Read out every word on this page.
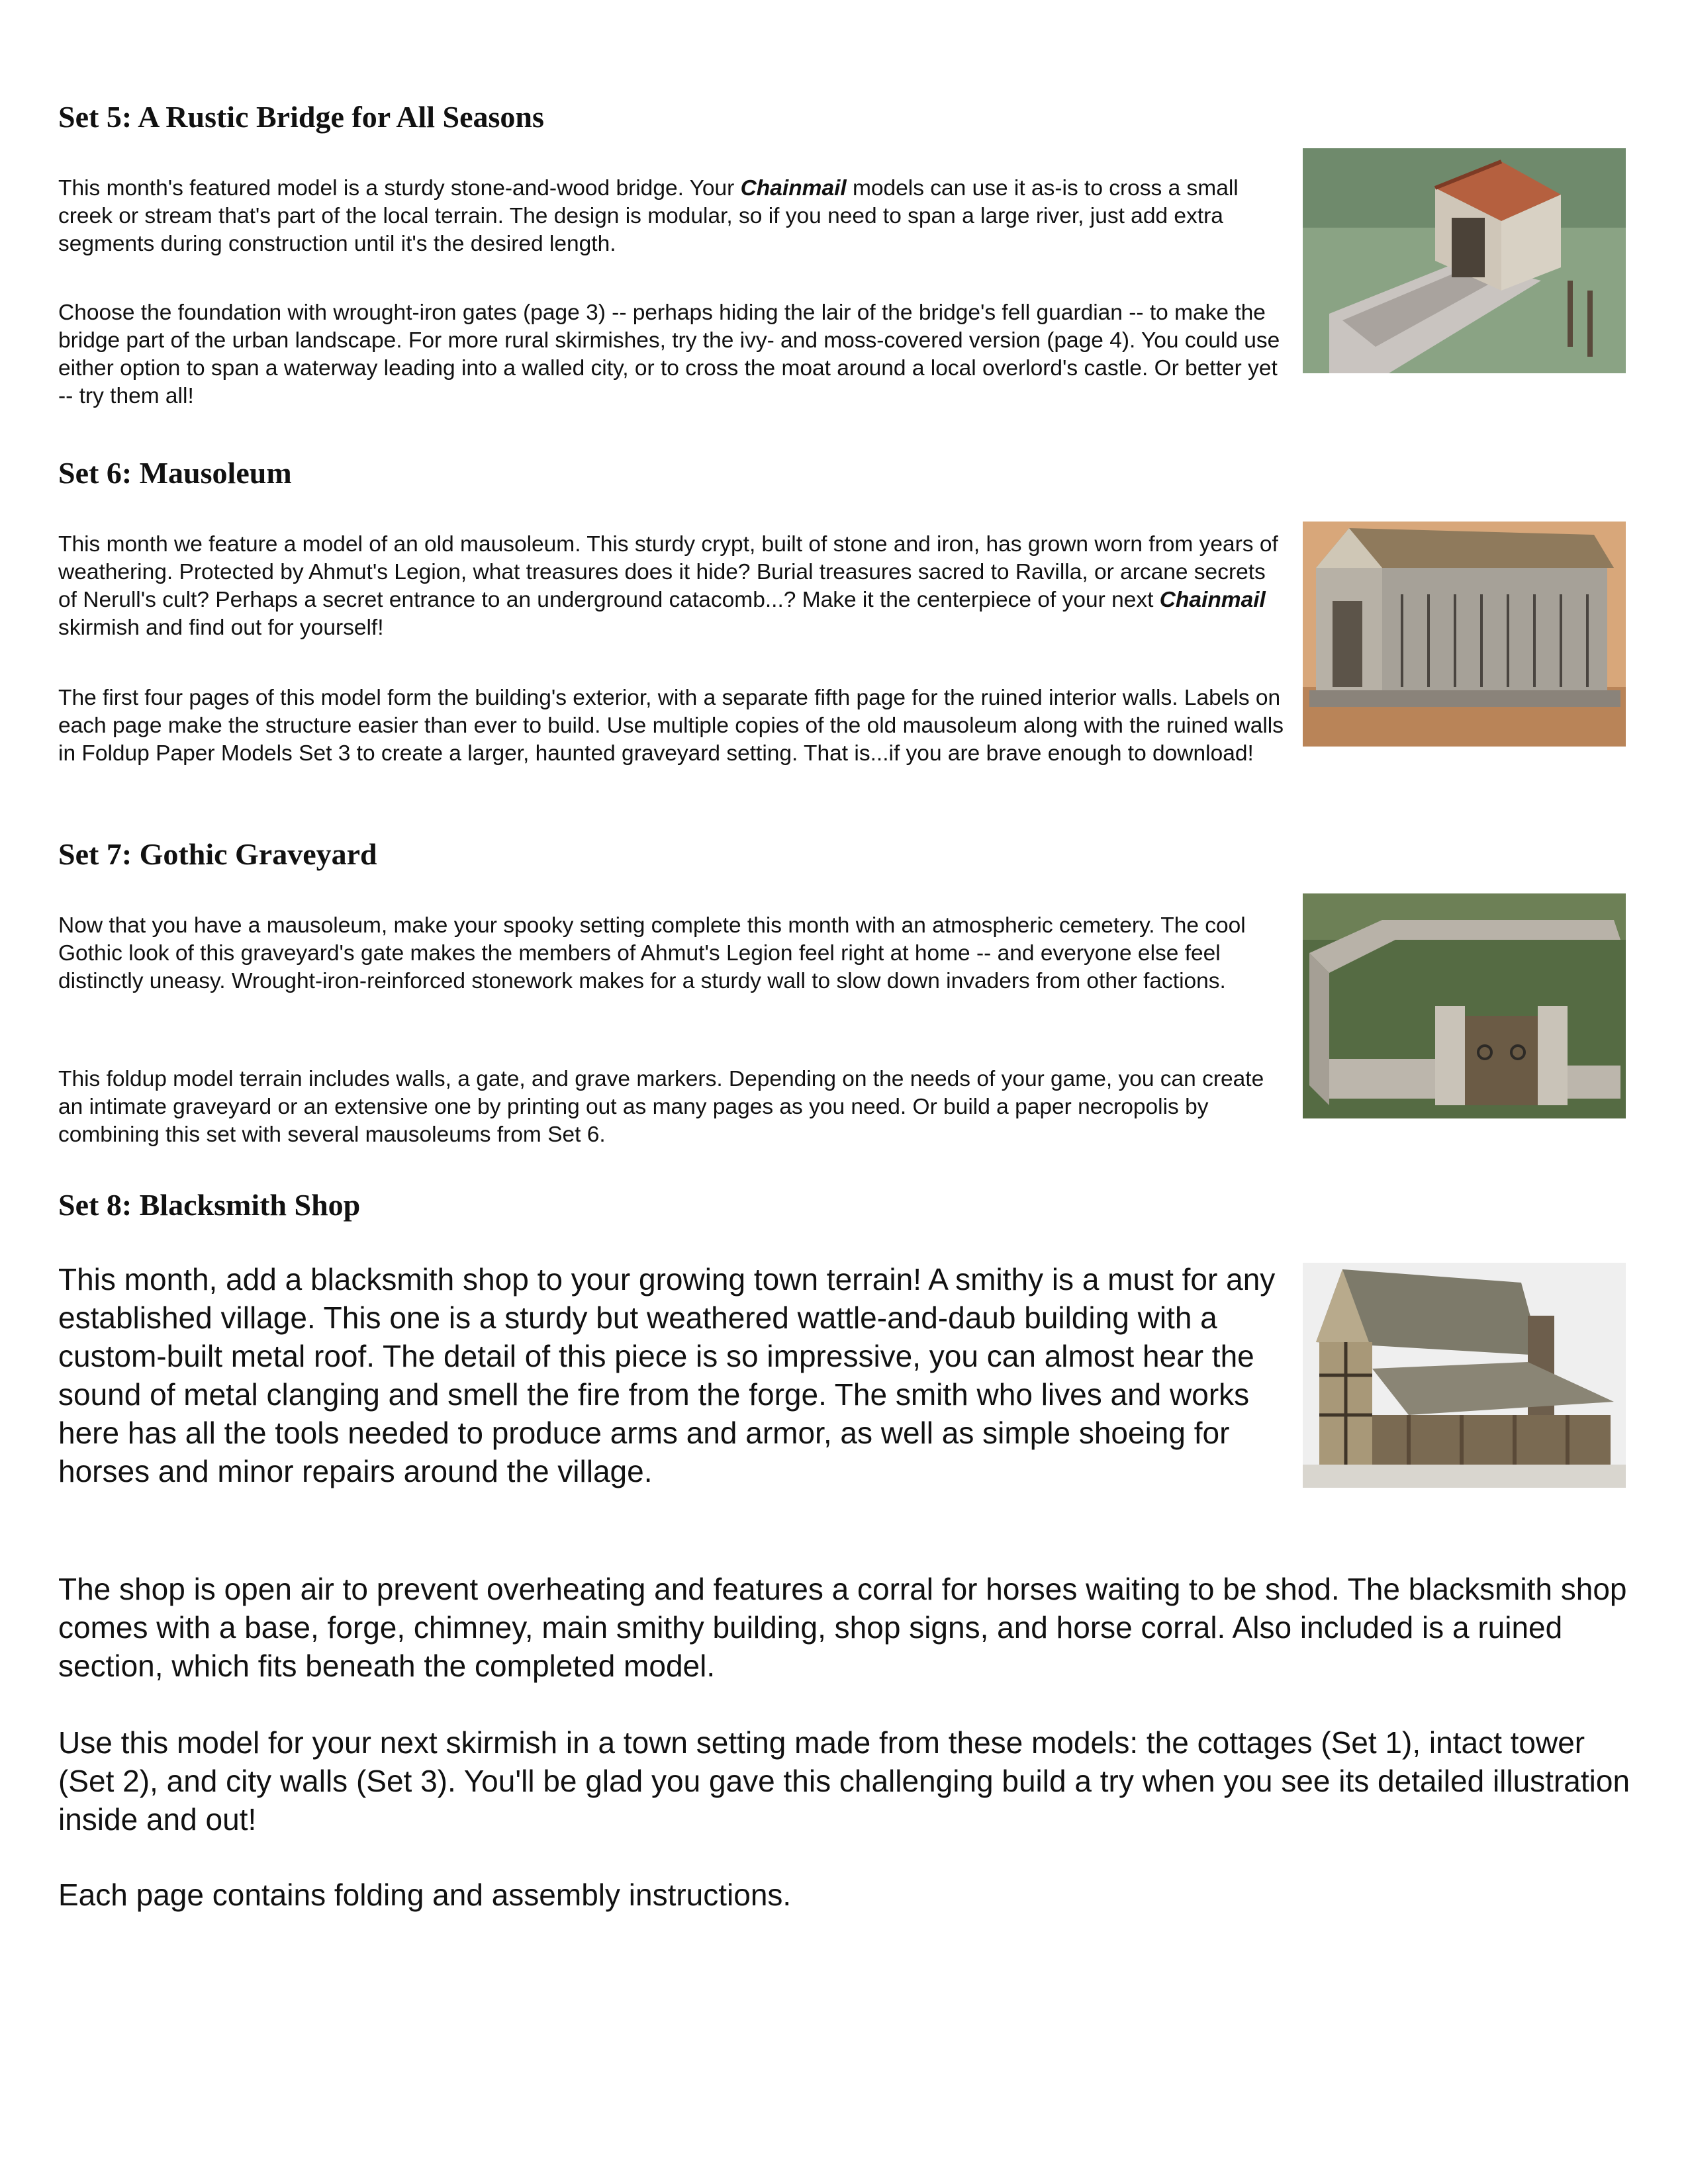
Set 5: A Rustic Bridge for All Seasons

This month's featured model is a sturdy stone-and-wood bridge. Your Chainmail models can use it as-is to cross a small creek or stream that's part of the local terrain. The design is modular, so if you need to span a large river, just add extra segments during construction until it's the desired length.

Choose the foundation with wrought-iron gates (page 3) -- perhaps hiding the lair of the bridge's fell guardian -- to make the bridge part of the urban landscape. For more rural skirmishes, try the ivy- and moss-covered version (page 4). You could use either option to span a waterway leading into a walled city, or to cross the moat around a local overlord's castle. Or better yet -- try them all!

Set 6: Mausoleum

This month we feature a model of an old mausoleum. This sturdy crypt, built of stone and iron, has grown worn from years of weathering. Protected by Ahmut's Legion, what treasures does it hide? Burial treasures sacred to Ravilla, or arcane secrets of Nerull's cult? Perhaps a secret entrance to an underground catacomb...? Make it the centerpiece of your next Chainmail skirmish and find out for yourself!

The first four pages of this model form the building's exterior, with a separate fifth page for the ruined interior walls. Labels on each page make the structure easier than ever to build. Use multiple copies of the old mausoleum along with the ruined walls in Foldup Paper Models Set 3 to create a larger, haunted graveyard setting. That is...if you are brave enough to download!

Set 7: Gothic Graveyard

Now that you have a mausoleum, make your spooky setting complete this month with an atmospheric cemetery. The cool Gothic look of this graveyard's gate makes the members of Ahmut's Legion feel right at home -- and everyone else feel distinctly uneasy. Wrought-iron-reinforced stonework makes for a sturdy wall to slow down invaders from other factions.

This foldup model terrain includes walls, a gate, and grave markers. Depending on the needs of your game, you can create an intimate graveyard or an extensive one by printing out as many pages as you need. Or build a paper necropolis by combining this set with several mausoleums from Set 6.

Set 8: Blacksmith Shop

This month, add a blacksmith shop to your growing town terrain! A smithy is a must for any established village. This one is a sturdy but weathered wattle-and-daub building with a custom-built metal roof. The detail of this piece is so impressive, you can almost hear the sound of metal clanging and smell the fire from the forge. The smith who lives and works here has all the tools needed to produce arms and armor, as well as simple shoeing for horses and minor repairs around the village.

The shop is open air to prevent overheating and features a corral for horses waiting to be shod. The blacksmith shop comes with a base, forge, chimney, main smithy building, shop signs, and horse corral. Also included is a ruined section, which fits beneath the completed model.

Use this model for your next skirmish in a town setting made from these models: the cottages (Set 1), intact tower (Set 2), and city walls (Set 3). You'll be glad you gave this challenging build a try when you see its detailed illustration inside and out!

Each page contains folding and assembly instructions.
